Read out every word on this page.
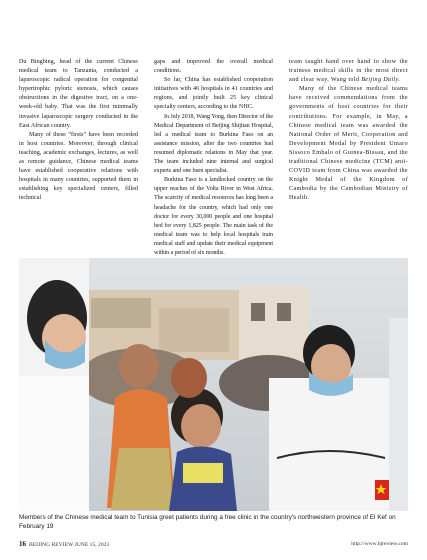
Du Bingbing, head of the current Chinese medical team to Tanzania, conducted a laparoscopic radical operation for congenital hypertrophic pyloric stenosis, which causes obstructions in the digestive tract, on a one-week-old baby. That was the first minimally invasive laparoscopic surgery conducted in the East African country.

Many of these “firsts” have been recorded in host countries. Moreover, through clinical teaching, academic exchanges, lectures, as well as remote guidance, Chinese medical teams have established cooperative relations with hospitals in many countries, supported them in establishing key specialized centers, filled technical

gaps and improved the overall medical conditions.

So far, China has established cooperation initiatives with 46 hospitals in 41 countries and regions, and jointly built 25 key clinical specialty centers, according to the NHC.

In July 2018, Wang Yong, then Director of the Medical Department of Beijing Shijitan Hospital, led a medical team to Burkina Faso on an assistance mission, after the two countries had resumed diplomatic relations in May that year. The team included nine internal and surgical experts and one burn specialist.

Burkina Faso is a landlocked country on the upper reaches of the Volta River in West Africa. The scarcity of medical resources has long been a headache for the country, which had only one doctor for every 30,000 people and one hospital bed for every 1,825 people. The main task of the medical team was to help local hospitals train medical staff and update their medical equipment within a period of six months.

team taught hand over hand to show the trainees medical skills in the most direct and clear way, Wang told Beijing Daily.

Many of the Chinese medical teams have received commendations from the governments of host countries for their contributions. For example, in May, a Chinese medical team was awarded the National Order of Merit, Cooperation and Development Medal by President Umaro Sissoco Embalo of Guinea-Bissau, and the traditional Chinese medicine (TCM) anti-COVID team from China was awarded the Knight Medal of the Kingdom of Cambodia by the Cambodian Ministry of Health.

Members of the Chinese medical team to Tunisia greet patients during a free clinic in the country's northwestern province of El Kef on February 19
16 BEIJING REVIEW JUNE 15, 2023	http://www.bjreview.com
